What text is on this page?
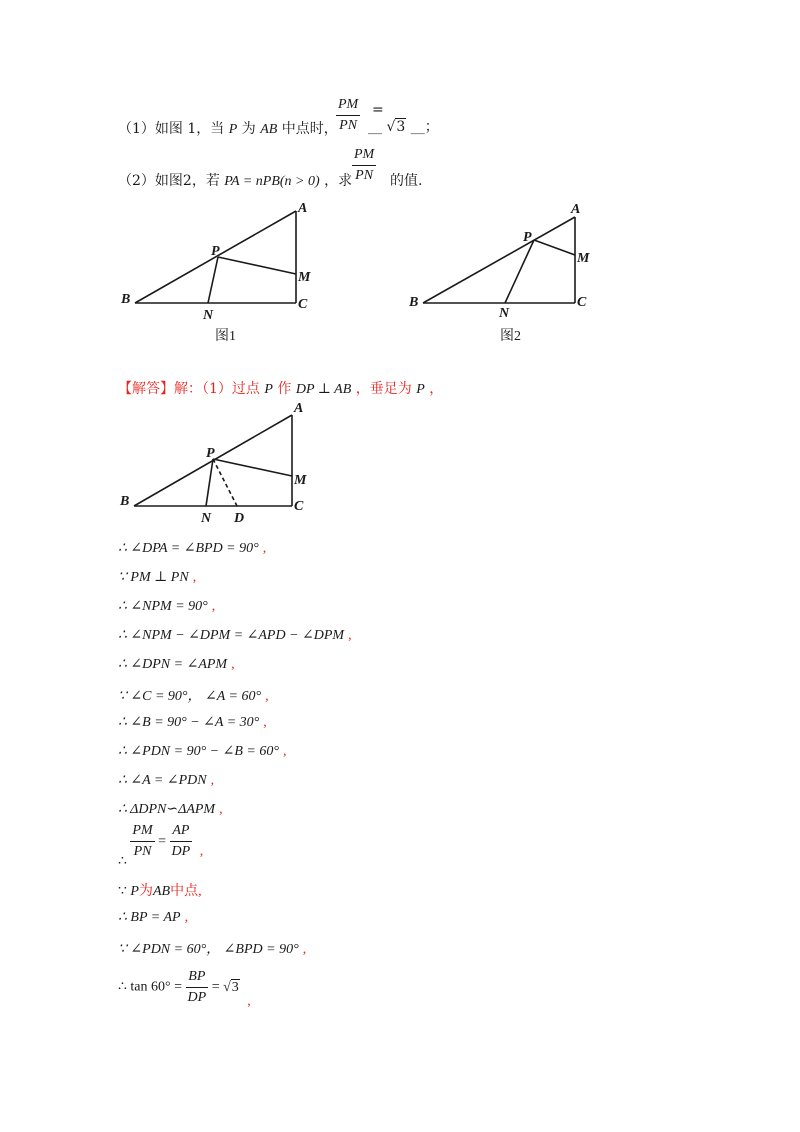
（1）如图 1，当 P 为 AB 中点时，
$\frac{PM}{PN}$ =
__ √3 __；
（2）如图2，若 PA = nPB(n > 0) ，求 $\frac{PM}{PN}$ 的值.
A
P
M
B
N
C
图1
A
P
M
B
N
C
图2
【解答】解：（1）过点 P 作 DP ⊥ AB ，垂足为 P ，
A
P
M
B
N D
C
∴ ∠DPA = ∠BPD = 90° ,
∵ PM ⊥ PN ,
∴ ∠NPM = 90° ,
∴ ∠NPM − ∠DPM = ∠APD − ∠DPM ,
∴ ∠DPN = ∠APM ,
∵ ∠C = 90°， ∠A = 60° ,
∴ ∠B = 90° − ∠A = 30° ,
∴ ∠PDN = 90° − ∠B = 60° ,
∴ ∠A = ∠PDN ,
∴ ΔDPN∽ΔAPM ,
∴
$\frac{PM}{PN} = \frac{AP}{DP}$ ,
∵ P为AB中点,
∴ BP = AP ,
∵ ∠PDN = 60°， ∠BPD = 90° ,
∴ $\tan 60^\circ = \frac{BP}{DP} = √3$ ,
